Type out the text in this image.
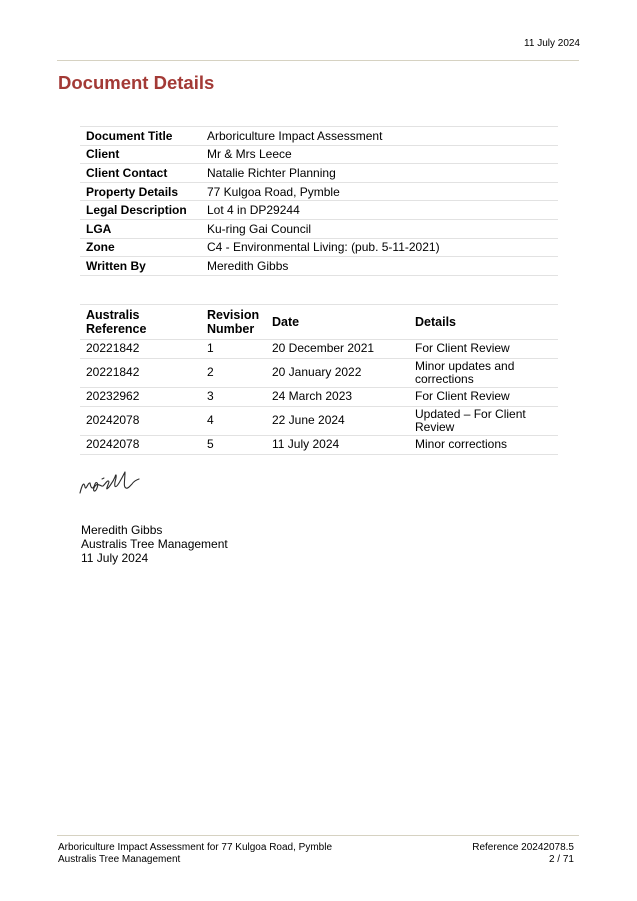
11 July 2024
Document Details
Document Title	Arboriculture Impact Assessment
Client	Mr & Mrs Leece
Client Contact	Natalie Richter Planning
Property Details	77 Kulgoa Road, Pymble
Legal Description	Lot 4 in DP29244
LGA	Ku-ring Gai Council
Zone	C4 - Environmental Living: (pub. 5-11-2021)
Written By	Meredith Gibbs
Australis Reference	Revision Number	Date	Details
20221842	1	20 December 2021	For Client Review
20221842	2	20 January 2022	Minor updates and corrections
20232962	3	24 March 2023	For Client Review
20242078	4	22 June 2024	Updated – For Client Review
20242078	5	11 July 2024	Minor corrections
Meredith Gibbs
Australis Tree Management
11 July 2024
Arboriculture Impact Assessment for 77 Kulgoa Road, Pymble
Australis Tree Management
Reference 20242078.5
2 / 71
